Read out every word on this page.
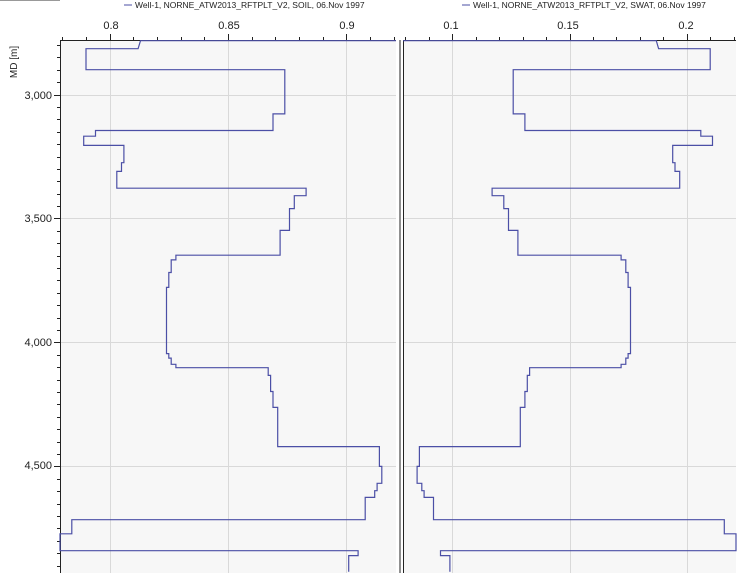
Well-1, NORNE_ATW2013_RFTPLT_V2, SOIL, 06.Nov 1997	Well-1, NORNE_ATW2013_RFTPLT_V2, SWAT, 06.Nov 1997
MD [m]
0.8	0.85	0.9
3,000
3,500
4,000
4,500
0.1	0.15	0.2
